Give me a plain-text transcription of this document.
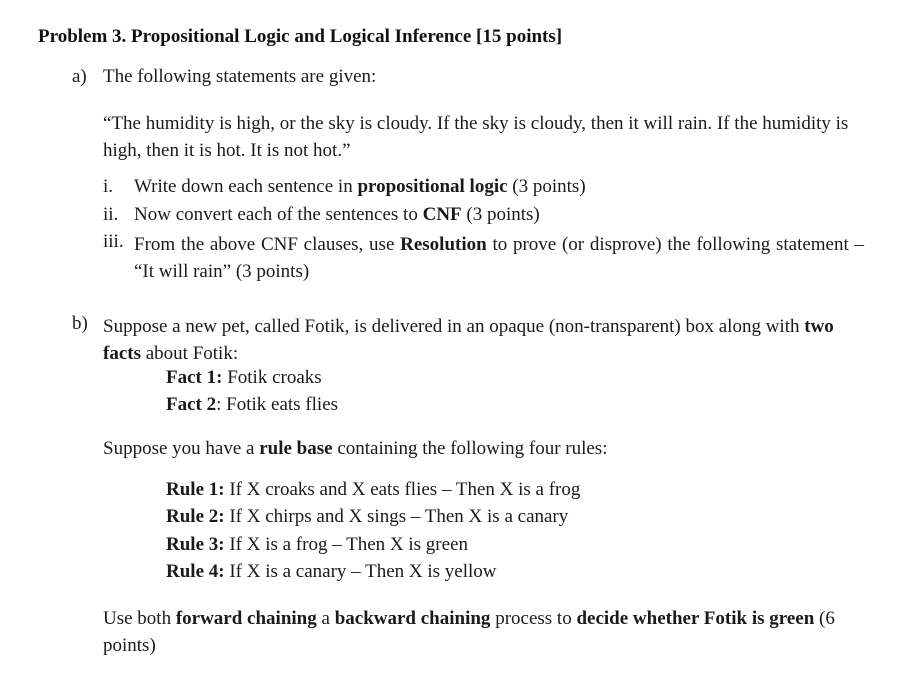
Problem 3. Propositional Logic and Logical Inference [15 points]
a) The following statements are given:
“The humidity is high, or the sky is cloudy. If the sky is cloudy, then it will rain. If the humidity is high, then it is hot. It is not hot.”
i. Write down each sentence in propositional logic (3 points)
ii. Now convert each of the sentences to CNF (3 points)
iii. From the above CNF clauses, use Resolution to prove (or disprove) the following statement – “It will rain” (3 points)
b) Suppose a new pet, called Fotik, is delivered in an opaque (non-transparent) box along with two facts about Fotik:
Fact 1: Fotik croaks
Fact 2: Fotik eats flies
Suppose you have a rule base containing the following four rules:
Rule 1: If X croaks and X eats flies – Then X is a frog
Rule 2: If X chirps and X sings – Then X is a canary
Rule 3: If X is a frog – Then X is green
Rule 4: If X is a canary – Then X is yellow
Use both forward chaining a backward chaining process to decide whether Fotik is green (6 points)
